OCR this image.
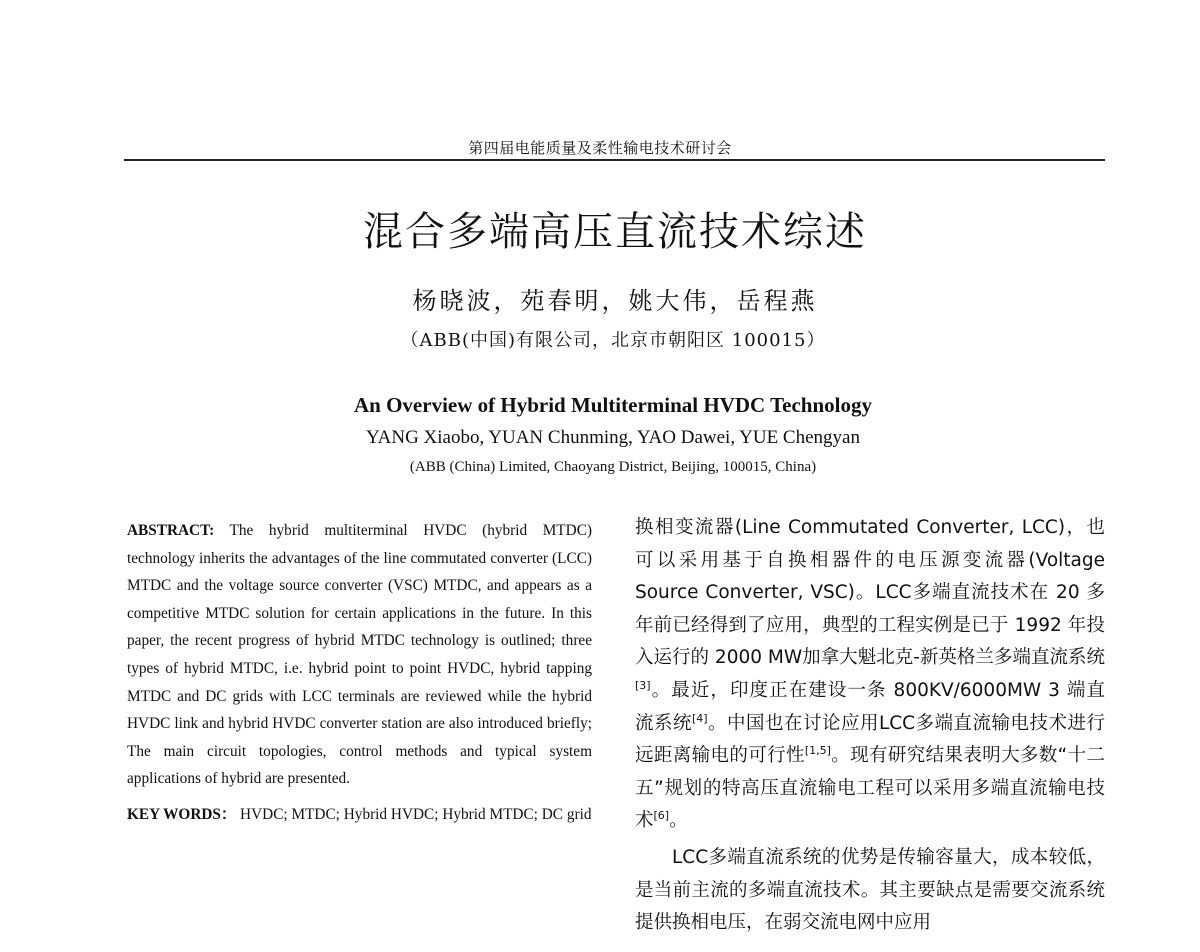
第四届电能质量及柔性输电技术研讨会
混合多端高压直流技术综述
杨晓波，苑春明，姚大伟，岳程燕
（ABB(中国)有限公司，北京市朝阳区 100015）
An Overview of Hybrid Multiterminal HVDC Technology
YANG Xiaobo, YUAN Chunming, YAO Dawei, YUE Chengyan
(ABB (China) Limited, Chaoyang District, Beijing, 100015, China)

ABSTRACT: The hybrid multiterminal HVDC (hybrid MTDC) technology inherits the advantages of the line commutated converter (LCC) MTDC and the voltage source converter (VSC) MTDC, and appears as a competitive MTDC solution for certain applications in the future. In this paper, the recent progress of hybrid MTDC technology is outlined; three types of hybrid MTDC, i.e. hybrid point to point HVDC, hybrid tapping MTDC and DC grids with LCC terminals are reviewed while the hybrid HVDC link and hybrid HVDC converter station are also introduced briefly; The main circuit topologies, control methods and typical system applications of hybrid are presented.

KEY WORDS： HVDC; MTDC; Hybrid HVDC; Hybrid MTDC; DC grid

换相变流器(Line Commutated Converter, LCC)，也可以采用基于自换相器件的电压源变流器(Voltage Source Converter, VSC)。LCC多端直流技术在 20 多年前已经得到了应用，典型的工程实例是已于 1992 年投入运行的 2000 MW加拿大魁北克-新英格兰多端直流系统[3]。最近，印度正在建设一条 800KV/6000MW 3 端直流系统[4]。中国也在讨论应用LCC多端直流输电技术进行远距离输电的可行性[1,5]。现有研究结果表明大多数“十二五”规划的特高压直流输电工程可以采用多端直流输电技术[6]。

LCC多端直流系统的优势是传输容量大，成本较低，是当前主流的多端直流技术。其主要缺点是需要交流系统提供换相电压，在弱交流电网中应用
